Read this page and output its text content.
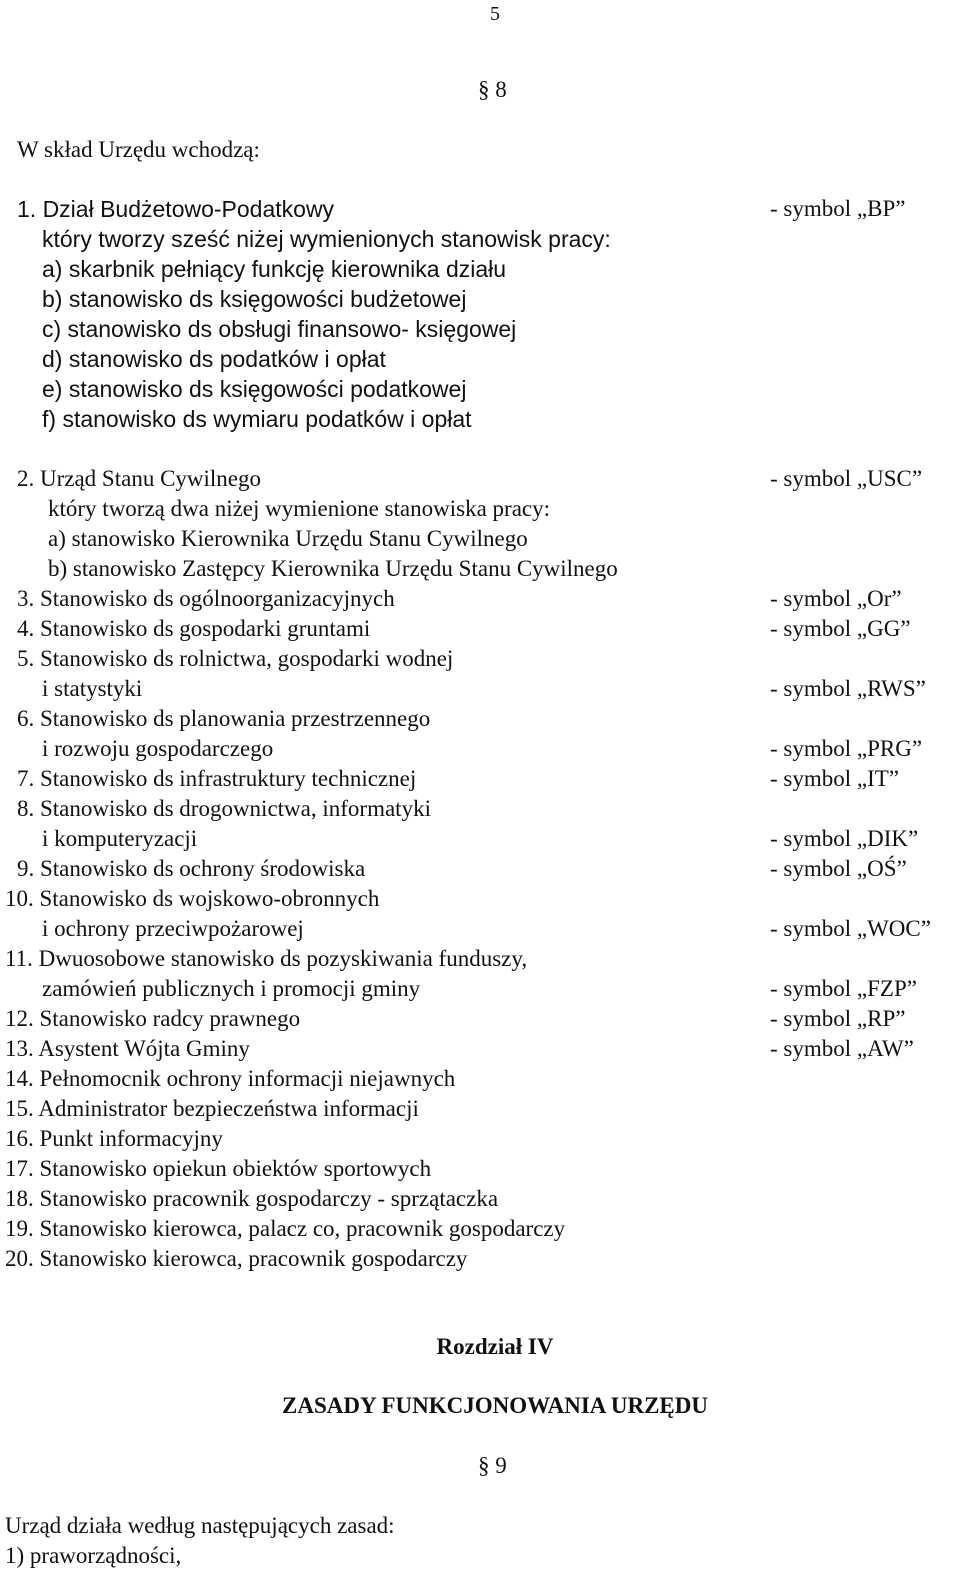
5
§ 8
W skład Urzędu wchodzą:
1. Dział Budżetowo-Podatkowy	- symbol „BP”
który tworzy sześć niżej wymienionych stanowisk pracy:
a) skarbnik pełniący funkcję kierownika działu
b) stanowisko ds księgowości budżetowej
c) stanowisko ds obsługi finansowo- księgowej
d) stanowisko ds podatków i opłat
e) stanowisko ds księgowości podatkowej
f) stanowisko ds wymiaru podatków i opłat
2. Urząd Stanu Cywilnego	- symbol „USC”
który tworzą dwa niżej wymienione stanowiska pracy:
a) stanowisko Kierownika Urzędu Stanu Cywilnego
b) stanowisko Zastępcy Kierownika Urzędu Stanu Cywilnego
3. Stanowisko ds ogólnoorganizacyjnych	- symbol „Or”
4. Stanowisko ds gospodarki gruntami	- symbol „GG”
5. Stanowisko ds rolnictwa, gospodarki wodnej
i statystyki	- symbol „RWS”
6. Stanowisko ds planowania przestrzennego
i rozwoju gospodarczego	- symbol „PRG”
7. Stanowisko ds infrastruktury technicznej	- symbol „IT”
8. Stanowisko ds drogownictwa, informatyki
i komputeryzacji	- symbol „DIK”
9. Stanowisko ds ochrony środowiska	- symbol „OŚ”
10. Stanowisko ds wojskowo-obronnych
i ochrony przeciwpożarowej	- symbol „WOC”
11. Dwuosobowe stanowisko ds pozyskiwania funduszy,
zamówień publicznych i promocji gminy	- symbol „FZP”
12. Stanowisko radcy prawnego	- symbol „RP”
13. Asystent Wójta Gminy	- symbol „AW”
14. Pełnomocnik ochrony informacji niejawnych
15. Administrator bezpieczeństwa informacji
16. Punkt informacyjny
17. Stanowisko opiekun obiektów sportowych
18. Stanowisko pracownik gospodarczy - sprzątaczka
19. Stanowisko kierowca, palacz co, pracownik gospodarczy
20. Stanowisko kierowca, pracownik gospodarczy
Rozdział IV
ZASADY FUNKCJONOWANIA URZĘDU
§ 9
Urząd działa według następujących zasad:
1) praworządności,
